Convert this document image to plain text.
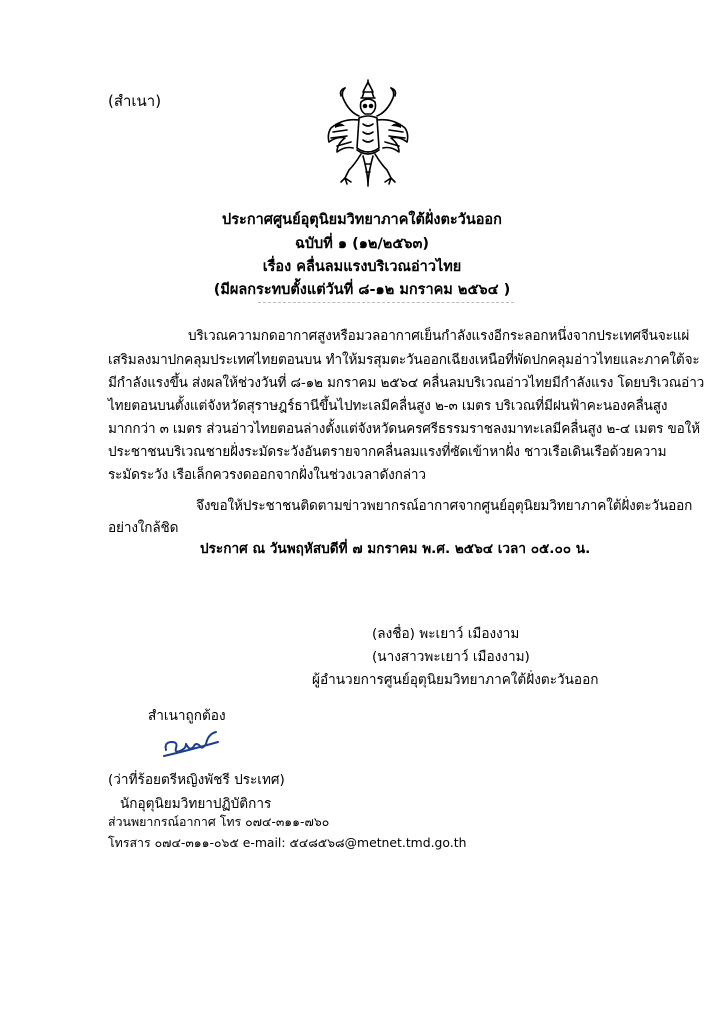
(สำเนา)
ประกาศศูนย์อุตุนิยมวิทยาภาคใต้ฝั่งตะวันออก
ฉบับที่ ๑ (๑๒/๒๕๖๓)
เรื่อง คลื่นลมแรงบริเวณอ่าวไทย
(มีผลกระทบตั้งแต่วันที่ ๘-๑๒ มกราคม ๒๕๖๔ )
บริเวณความกดอากาศสูงหรือมวลอากาศเย็นกำลังแรงอีกระลอกหนึ่งจากประเทศจีนจะแผ่
เสริมลงมาปกคลุมประเทศไทยตอนบน ทำให้มรสุมตะวันออกเฉียงเหนือที่พัดปกคลุมอ่าวไทยและภาคใต้จะ
มีกำลังแรงขึ้น ส่งผลให้ช่วงวันที่ ๘-๑๒ มกราคม ๒๕๖๔ คลื่นลมบริเวณอ่าวไทยมีกำลังแรง โดยบริเวณอ่าว
ไทยตอนบนตั้งแต่จังหวัดสุราษฎร์ธานีขึ้นไปทะเลมีคลื่นสูง ๒-๓ เมตร บริเวณที่มีฝนฟ้าคะนองคลื่นสูง
มากกว่า ๓ เมตร ส่วนอ่าวไทยตอนล่างตั้งแต่จังหวัดนครศรีธรรมราชลงมาทะเลมีคลื่นสูง ๒-๔ เมตร ขอให้
ประชาชนบริเวณชายฝั่งระมัดระวังอันตรายจากคลื่นลมแรงที่ซัดเข้าหาฝั่ง ชาวเรือเดินเรือด้วยความ
ระมัดระวัง เรือเล็กควรงดออกจากฝั่งในช่วงเวลาดังกล่าว
จึงขอให้ประชาชนติดตามข่าวพยากรณ์อากาศจากศูนย์อุตุนิยมวิทยาภาคใต้ฝั่งตะวันออก
อย่างใกล้ชิด
ประกาศ ณ วันพฤหัสบดีที่ ๗ มกราคม พ.ศ. ๒๕๖๔ เวลา ๐๕.๐๐ น.
(ลงชื่อ) พะเยาว์ เมืองงาม
(นางสาวพะเยาว์ เมืองงาม)
ผู้อำนวยการศูนย์อุตุนิยมวิทยาภาคใต้ฝั่งตะวันออก
สำเนาถูกต้อง
(ว่าที่ร้อยตรีหญิงพัชรี ประเทศ)
นักอุตุนิยมวิทยาปฏิบัติการ
ส่วนพยากรณ์อากาศ โทร ๐๗๔-๓๑๑-๗๖๐
โทรสาร ๐๗๔-๓๑๑-๐๖๕ e-mail: ๕๔๘๕๖๘@metnet.tmd.go.th
